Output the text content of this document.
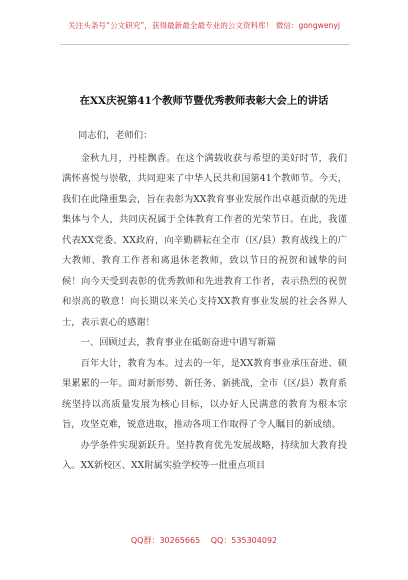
关注头条号“公文研究”，获得最新最全最专业的公文资料库！ 微信：gongwenyj
在XX庆祝第41个教师节暨优秀教师表彰大会上的讲话
同志们，老师们：

金秋九月，丹桂飘香。在这个满载收获与希望的美好时节，我们满怀喜悦与崇敬，共同迎来了中华人民共和国第41个教师节。今天，我们在此隆重集会，旨在表彰为XX教育事业发展作出卓越贡献的先进集体与个人，共同庆祝属于全体教育工作者的光荣节日。在此，我谨代表XX党委、XX政府，向辛勤耕耘在全市（区/县）教育战线上的广大教师、教育工作者和离退休老教师，致以节日的祝贺和诚挚的问候！向今天受到表彰的优秀教师和先进教育工作者，表示热烈的祝贺和崇高的敬意！向长期以来关心支持XX教育事业发展的社会各界人士，表示衷心的感谢！

一、回顾过去，教育事业在砥砺奋进中谱写新篇

百年大计，教育为本。过去的一年，是XX教育事业承压奋进、硕果累累的一年。面对新形势、新任务、新挑战，全市（区/县）教育系统坚持以高质量发展为核心目标，以办好人民满意的教育为根本宗旨，攻坚克难，锐意进取，推动各项工作取得了令人瞩目的新成绩。

办学条件实现新跃升。坚持教育优先发展战略，持续加大教育投入。XX新校区、XX附属实验学校等一批重点项目

QQ群：30265665 QQ：535304092
